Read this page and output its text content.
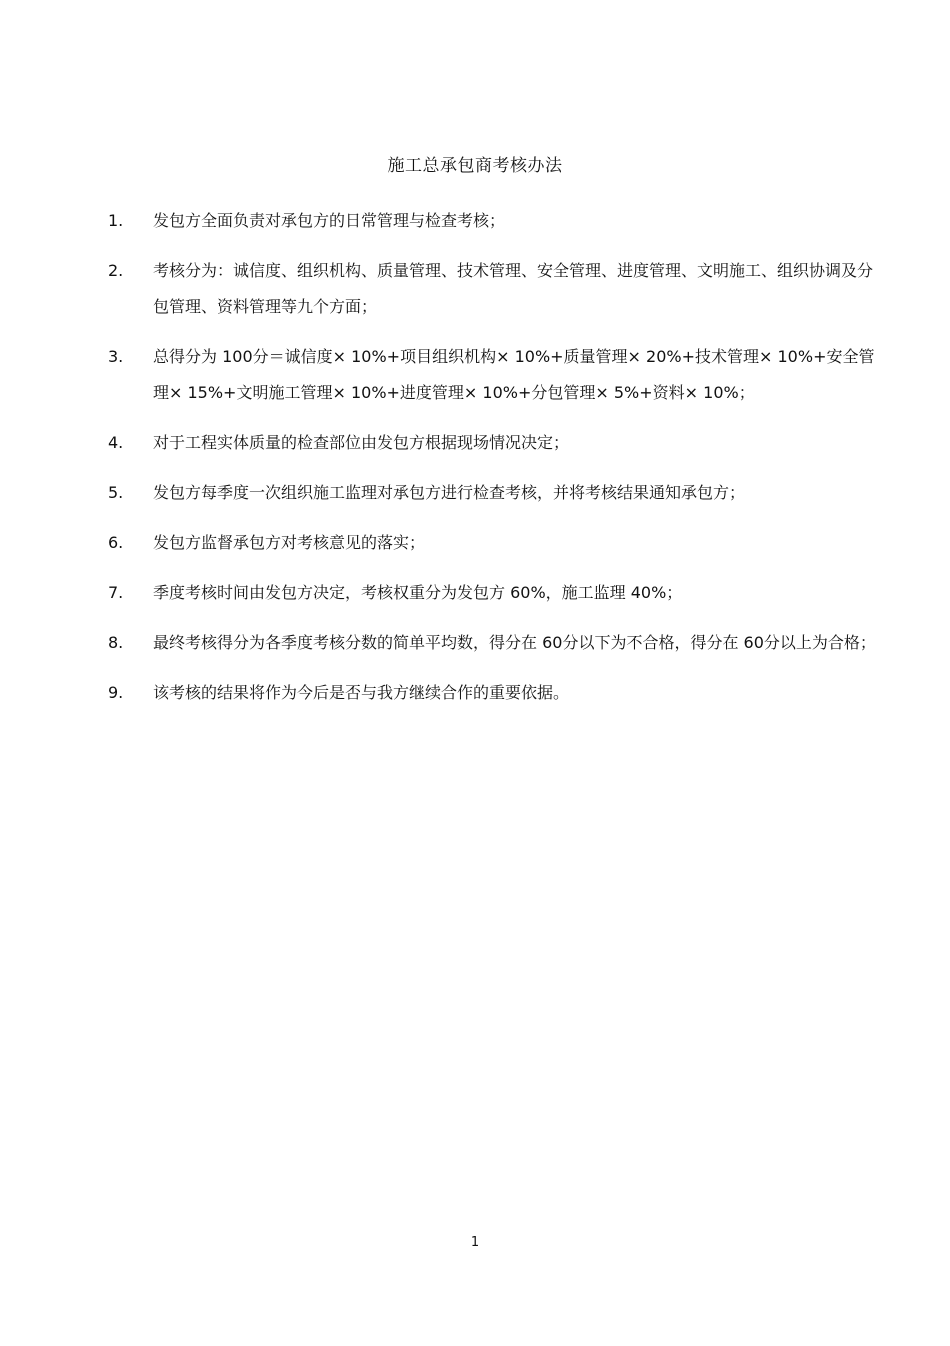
施工总承包商考核办法
1.	发包方全面负责对承包方的日常管理与检查考核；
2.	考核分为：诚信度、组织机构、质量管理、技术管理、安全管理、进度管理、文明施工、组织协调及分包管理、资料管理等九个方面；
3.	总得分为 100分＝诚信度× 10%+项目组织机构× 10%+质量管理× 20%+技术管理× 10%+安全管理× 15%+文明施工管理× 10%+进度管理× 10%+分包管理× 5%+资料× 10%；
4.	对于工程实体质量的检查部位由发包方根据现场情况决定；
5.	发包方每季度一次组织施工监理对承包方进行检查考核，并将考核结果通知承包方；
6.	发包方监督承包方对考核意见的落实；
7.	季度考核时间由发包方决定，考核权重分为发包方 60%，施工监理 40%；
8.	最终考核得分为各季度考核分数的简单平均数，得分在 60分以下为不合格，得分在 60分以上为合格；
9.	该考核的结果将作为今后是否与我方继续合作的重要依据。
1
